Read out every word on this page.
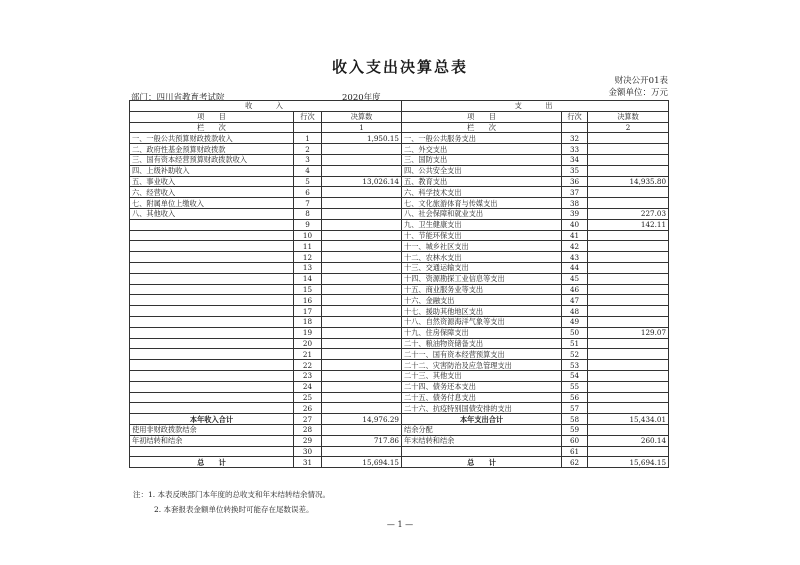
收入支出决算总表
财决公开01表
金额单位：万元
部门：四川省教育考试院	2020年度
收　　入			支　　出		
项　　目	行次	决算数	项　　目	行次	决算数
栏　　次		1	栏　　次		2
一、一般公共预算财政拨款收入	1	1,950.15	一、一般公共服务支出	32	
二、政府性基金预算财政拨款	2		二、外交支出	33	
三、国有资本经营预算财政拨款收入	3		三、国防支出	34	
四、上级补助收入	4		四、公共安全支出	35	
五、事业收入	5	13,026.14	五、教育支出	36	14,935.80
六、经营收入	6		六、科学技术支出	37	
七、附属单位上缴收入	7		七、文化旅游体育与传媒支出	38	
八、其他收入	8		八、社会保障和就业支出	39	227.03
	9		九、卫生健康支出	40	142.11
	10		十、节能环保支出	41	
	11		十一、城乡社区支出	42	
	12		十二、农林水支出	43	
	13		十三、交通运输支出	44	
	14		十四、资源勘探工业信息等支出	45	
	15		十五、商业服务业等支出	46	
	16		十六、金融支出	47	
	17		十七、援助其他地区支出	48	
	18		十八、自然资源海洋气象等支出	49	
	19		十九、住房保障支出	50	129.07
	20		二十、粮油物资储备支出	51	
	21		二十一、国有资本经营预算支出	52	
	22		二十二、灾害防治及应急管理支出	53	
	23		二十三、其他支出	54	
	24		二十四、债务还本支出	55	
	25		二十五、债务付息支出	56	
	26		二十六、抗疫特别国债安排的支出	57	
本年收入合计	27	14,976.29	本年支出合计	58	15,434.01
使用非财政拨款结余	28		结余分配	59	
年初结转和结余	29	717.86	年末结转和结余	60	260.14
	30			61	
总　　计	31	15,694.15	总　　计	62	15,694.15
注：1. 本表反映部门本年度的总收支和年末结转结余情况。
2. 本套报表金额单位转换时可能存在尾数误差。
— 1 —
